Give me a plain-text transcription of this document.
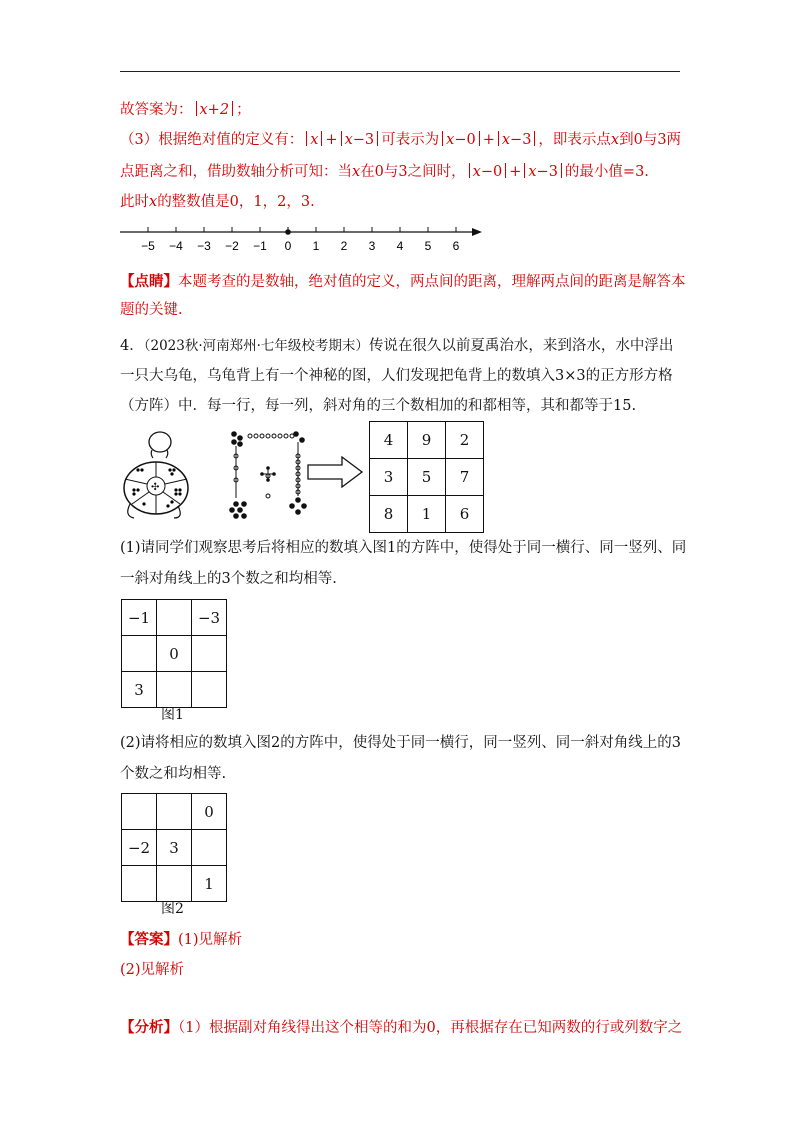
故答案为： x+2 ；
（3）根据绝对值的定义有： x + x−3 可表示为 x−0 + x−3 ，即表示点x到0与3两
点距离之和，借助数轴分析可知：当x在0与3之间时， x−0 + x−3 的最小值=3.
此时x的整数值是0，1，2，3.
−5 −4 −3 −2 −1 0 1 2 3 4 5 6
【点睛】本题考查的是数轴，绝对值的定义，两点间的距离，理解两点间的距离是解答本
题的关键.
4．（2023秋·河南郑州·七年级校考期末）传说在很久以前夏禹治水，来到洛水，水中浮出
一只大乌龟，乌龟背上有一个神秘的图，人们发现把龟背上的数填入3×3的正方形方格
（方阵）中．每一行，每一列，斜对角的三个数相加的和都相等，其和都等于15.
✣
4	9	2
3	5	7
8	1	6
(1)请同学们观察思考后将相应的数填入图1的方阵中，使得处于同一横行、同一竖列、同
一斜对角线上的3个数之和均相等.
−1		−3
	0	
3		
图1
(2)请将相应的数填入图2的方阵中，使得处于同一横行，同一竖列、同一斜对角线上的3
个数之和均相等.
		0
−2	3	
		1
图2
【答案】(1)见解析
(2)见解析
【分析】（1）根据副对角线得出这个相等的和为0，再根据存在已知两数的行或列数字之
